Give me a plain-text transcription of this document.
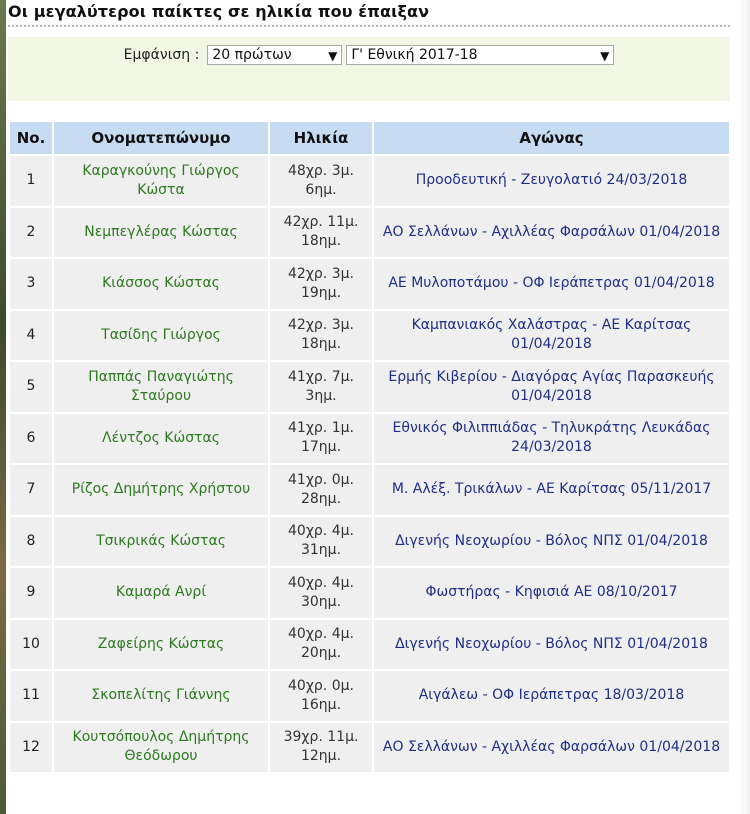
Οι μεγαλύτεροι παίκτες σε ηλικία που έπαιξαν
Εμφάνιση : 20 πρώτων	▼ Γ' Εθνική 2017-18	▼
No.	Ονοματεπώνυμο	Ηλικία	Αγώνας
1	Καραγκούνης Γιώργος Κώστα	48χρ. 3μ. 6ημ.	Προοδευτική - Ζευγολατιό 24/03/2018
2	Νεμπεγλέρας Κώστας	42χρ. 11μ. 18ημ.	ΑΟ Σελλάνων - Αχιλλέας Φαρσάλων 01/04/2018
3	Κιάσσος Κώστας	42χρ. 3μ. 19ημ.	ΑΕ Μυλοποτάμου - ΟΦ Ιεράπετρας 01/04/2018
4	Τασίδης Γιώργος	42χρ. 3μ. 18ημ.	Καμπανιακός Χαλάστρας - ΑΕ Καρίτσας 01/04/2018
5	Παππάς Παναγιώτης Σταύρου	41χρ. 7μ. 3ημ.	Ερμής Κιβερίου - Διαγόρας Αγίας Παρασκευής 01/04/2018
6	Λέντζος Κώστας	41χρ. 1μ. 17ημ.	Εθνικός Φιλιππιάδας - Τηλυκράτης Λευκάδας 24/03/2018
7	Ρίζος Δημήτρης Χρήστου	41χρ. 0μ. 28ημ.	Μ. Αλέξ. Τρικάλων - ΑΕ Καρίτσας 05/11/2017
8	Τσικρικάς Κώστας	40χρ. 4μ. 31ημ.	Διγενής Νεοχωρίου - Βόλος ΝΠΣ 01/04/2018
9	Καμαρά Ανρί	40χρ. 4μ. 30ημ.	Φωστήρας - Κηφισιά ΑΕ 08/10/2017
10	Ζαφείρης Κώστας	40χρ. 4μ. 20ημ.	Διγενής Νεοχωρίου - Βόλος ΝΠΣ 01/04/2018
11	Σκοπελίτης Γιάννης	40χρ. 0μ. 16ημ.	Αιγάλεω - ΟΦ Ιεράπετρας 18/03/2018
12	Κουτσόπουλος Δημήτρης Θεόδωρου	39χρ. 11μ. 12ημ.	ΑΟ Σελλάνων - Αχιλλέας Φαρσάλων 01/04/2018
